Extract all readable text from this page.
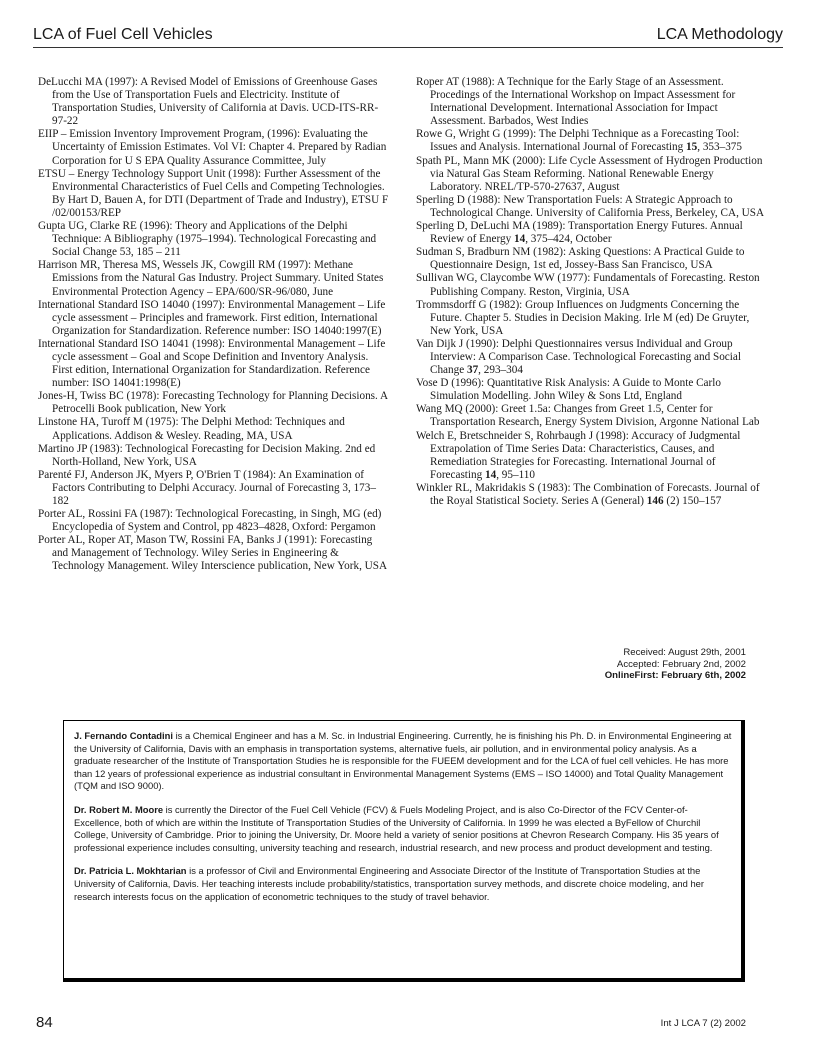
LCA of Fuel Cell Vehicles	LCA Methodology

DeLucchi MA (1997): A Revised Model of Emissions of Greenhouse Gases from the Use of Transportation Fuels and Electricity. Institute of Transportation Studies, University of California at Davis. UCD-ITS-RR-97-22

EIIP – Emission Inventory Improvement Program, (1996): Evaluating the Uncertainty of Emission Estimates. Vol VI: Chapter 4. Prepared by Radian Corporation for U S EPA Quality Assurance Committee, July

ETSU – Energy Technology Support Unit (1998): Further Assessment of the Environmental Characteristics of Fuel Cells and Competing Technologies. By Hart D, Bauen A, for DTI (Department of Trade and Industry), ETSU F /02/00153/REP

Gupta UG, Clarke RE (1996): Theory and Applications of the Delphi Technique: A Bibliography (1975–1994). Technological Forecasting and Social Change 53, 185 – 211

Harrison MR, Theresa MS, Wessels JK, Cowgill RM (1997): Methane Emissions from the Natural Gas Industry. Project Summary. United States Environmental Protection Agency – EPA/600/SR-96/080, June

International Standard ISO 14040 (1997): Environmental Management – Life cycle assessment – Principles and framework. First edition, International Organization for Standardization. Reference number: ISO 14040:1997(E)

International Standard ISO 14041 (1998): Environmental Management – Life cycle assessment – Goal and Scope Definition and Inventory Analysis. First edition, International Organization for Standardization. Reference number: ISO 14041:1998(E)

Jones-H, Twiss BC (1978): Forecasting Technology for Planning Decisions. A Petrocelli Book publication, New York

Linstone HA, Turoff M (1975): The Delphi Method: Techniques and Applications. Addison & Wesley. Reading, MA, USA

Martino JP (1983): Technological Forecasting for Decision Making. 2nd ed North-Holland, New York, USA

Parenté FJ, Anderson JK, Myers P, O'Brien T (1984): An Examination of Factors Contributing to Delphi Accuracy. Journal of Forecasting 3, 173–182

Porter AL, Rossini FA (1987): Technological Forecasting, in Singh, MG (ed) Encyclopedia of System and Control, pp 4823–4828, Oxford: Pergamon

Porter AL, Roper AT, Mason TW, Rossini FA, Banks J (1991): Forecasting and Management of Technology. Wiley Series in Engineering & Technology Management. Wiley Interscience publication, New York, USA

Roper AT (1988): A Technique for the Early Stage of an Assessment. Procedings of the International Workshop on Impact Assessment for International Development. International Association for Impact Assessment. Barbados, West Indies

Rowe G, Wright G (1999): The Delphi Technique as a Forecasting Tool: Issues and Analysis. International Journal of Forecasting 15, 353–375

Spath PL, Mann MK (2000): Life Cycle Assessment of Hydrogen Production via Natural Gas Steam Reforming. National Renewable Energy Laboratory. NREL/TP-570-27637, August

Sperling D (1988): New Transportation Fuels: A Strategic Approach to Technological Change. University of California Press, Berkeley, CA, USA

Sperling D, DeLuchi MA (1989): Transportation Energy Futures. Annual Review of Energy 14, 375–424, October

Sudman S, Bradburn NM (1982): Asking Questions: A Practical Guide to Questionnaire Design, 1st ed, Jossey-Bass San Francisco, USA

Sullivan WG, Claycombe WW (1977): Fundamentals of Forecasting. Reston Publishing Company. Reston, Virginia, USA

Trommsdorff G (1982): Group Influences on Judgments Concerning the Future. Chapter 5. Studies in Decision Making. Irle M (ed) De Gruyter, New York, USA

Van Dijk J (1990): Delphi Questionnaires versus Individual and Group Interview: A Comparison Case. Technological Forecasting and Social Change 37, 293–304

Vose D (1996): Quantitative Risk Analysis: A Guide to Monte Carlo Simulation Modelling. John Wiley & Sons Ltd, England

Wang MQ (2000): Greet 1.5a: Changes from Greet 1.5, Center for Transportation Research, Energy System Division, Argonne National Lab

Welch E, Bretschneider S, Rohrbaugh J (1998): Accuracy of Judgmental Extrapolation of Time Series Data: Characteristics, Causes, and Remediation Strategies for Forecasting. International Journal of Forecasting 14, 95–110

Winkler RL, Makridakis S (1983): The Combination of Forecasts. Journal of the Royal Statistical Society. Series A (General) 146 (2) 150–157

Received: August 29th, 2001
Accepted: February 2nd, 2002
OnlineFirst: February 6th, 2002

J. Fernando Contadini is a Chemical Engineer and has a M. Sc. in Industrial Engineering. Currently, he is finishing his Ph. D. in Environmental Engineering at the University of California, Davis with an emphasis in transportation systems, alternative fuels, air pollution, and in environmental policy analysis. As a graduate researcher of the Institute of Transportation Studies he is responsible for the FUEEM development and for the LCA of fuel cell vehicles. He has more than 12 years of professional experience as industrial consultant in Environmental Management Systems (EMS – ISO 14000) and Total Quality Management (TQM and ISO 9000).

Dr. Robert M. Moore is currently the Director of the Fuel Cell Vehicle (FCV) & Fuels Modeling Project, and is also Co-Director of the FCV Center-of-Excellence, both of which are within the Institute of Transportation Studies of the University of California. In 1999 he was elected a ByFellow of Churchil College, University of Cambridge. Prior to joining the University, Dr. Moore held a variety of senior positions at Chevron Research Company. His 35 years of professional experience includes consulting, university teaching and research, industrial research, and new process and product development and testing.

Dr. Patricia L. Mokhtarian is a professor of Civil and Environmental Engineering and Associate Director of the Institute of Transportation Studies at the University of California, Davis. Her teaching interests include probability/statistics, transportation survey methods, and discrete choice modeling, and her research interests focus on the application of econometric techniques to the study of travel behavior.

84	Int J LCA 7 (2) 2002
